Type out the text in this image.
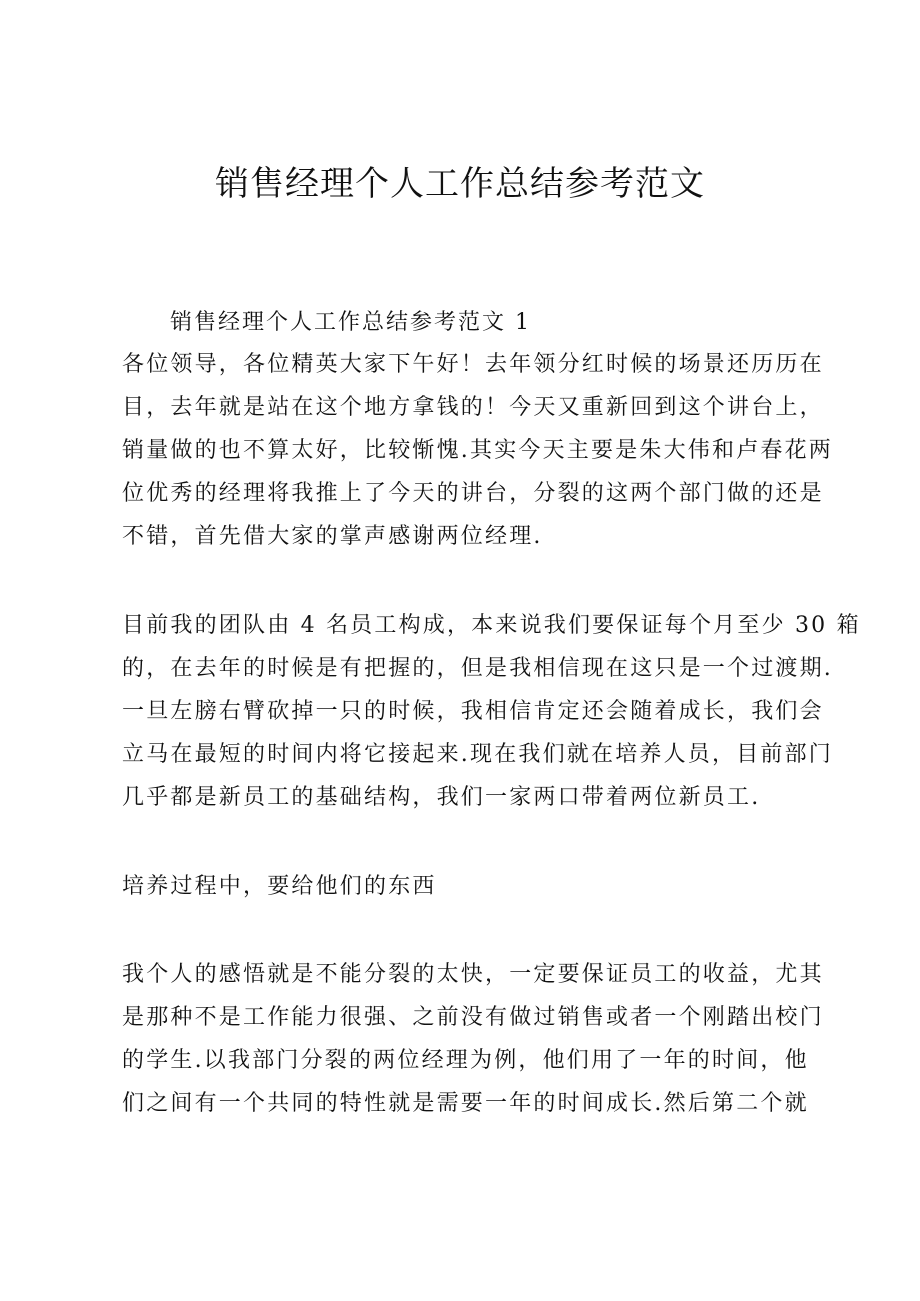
销售经理个人工作总结参考范文

销售经理个人工作总结参考范文 1

各位领导，各位精英大家下午好！去年领分红时候的场景还历历在
目，去年就是站在这个地方拿钱的！今天又重新回到这个讲台上，
销量做的也不算太好，比较惭愧.其实今天主要是朱大伟和卢春花两
位优秀的经理将我推上了今天的讲台，分裂的这两个部门做的还是
不错，首先借大家的掌声感谢两位经理.

目前我的团队由 4 名员工构成，本来说我们要保证每个月至少 30 箱
的，在去年的时候是有把握的，但是我相信现在这只是一个过渡期.
一旦左膀右臂砍掉一只的时候，我相信肯定还会随着成长，我们会
立马在最短的时间内将它接起来.现在我们就在培养人员，目前部门
几乎都是新员工的基础结构，我们一家两口带着两位新员工.

培养过程中，要给他们的东西

我个人的感悟就是不能分裂的太快，一定要保证员工的收益，尤其
是那种不是工作能力很强、之前没有做过销售或者一个刚踏出校门
的学生.以我部门分裂的两位经理为例，他们用了一年的时间，他
们之间有一个共同的特性就是需要一年的时间成长.然后第二个就
